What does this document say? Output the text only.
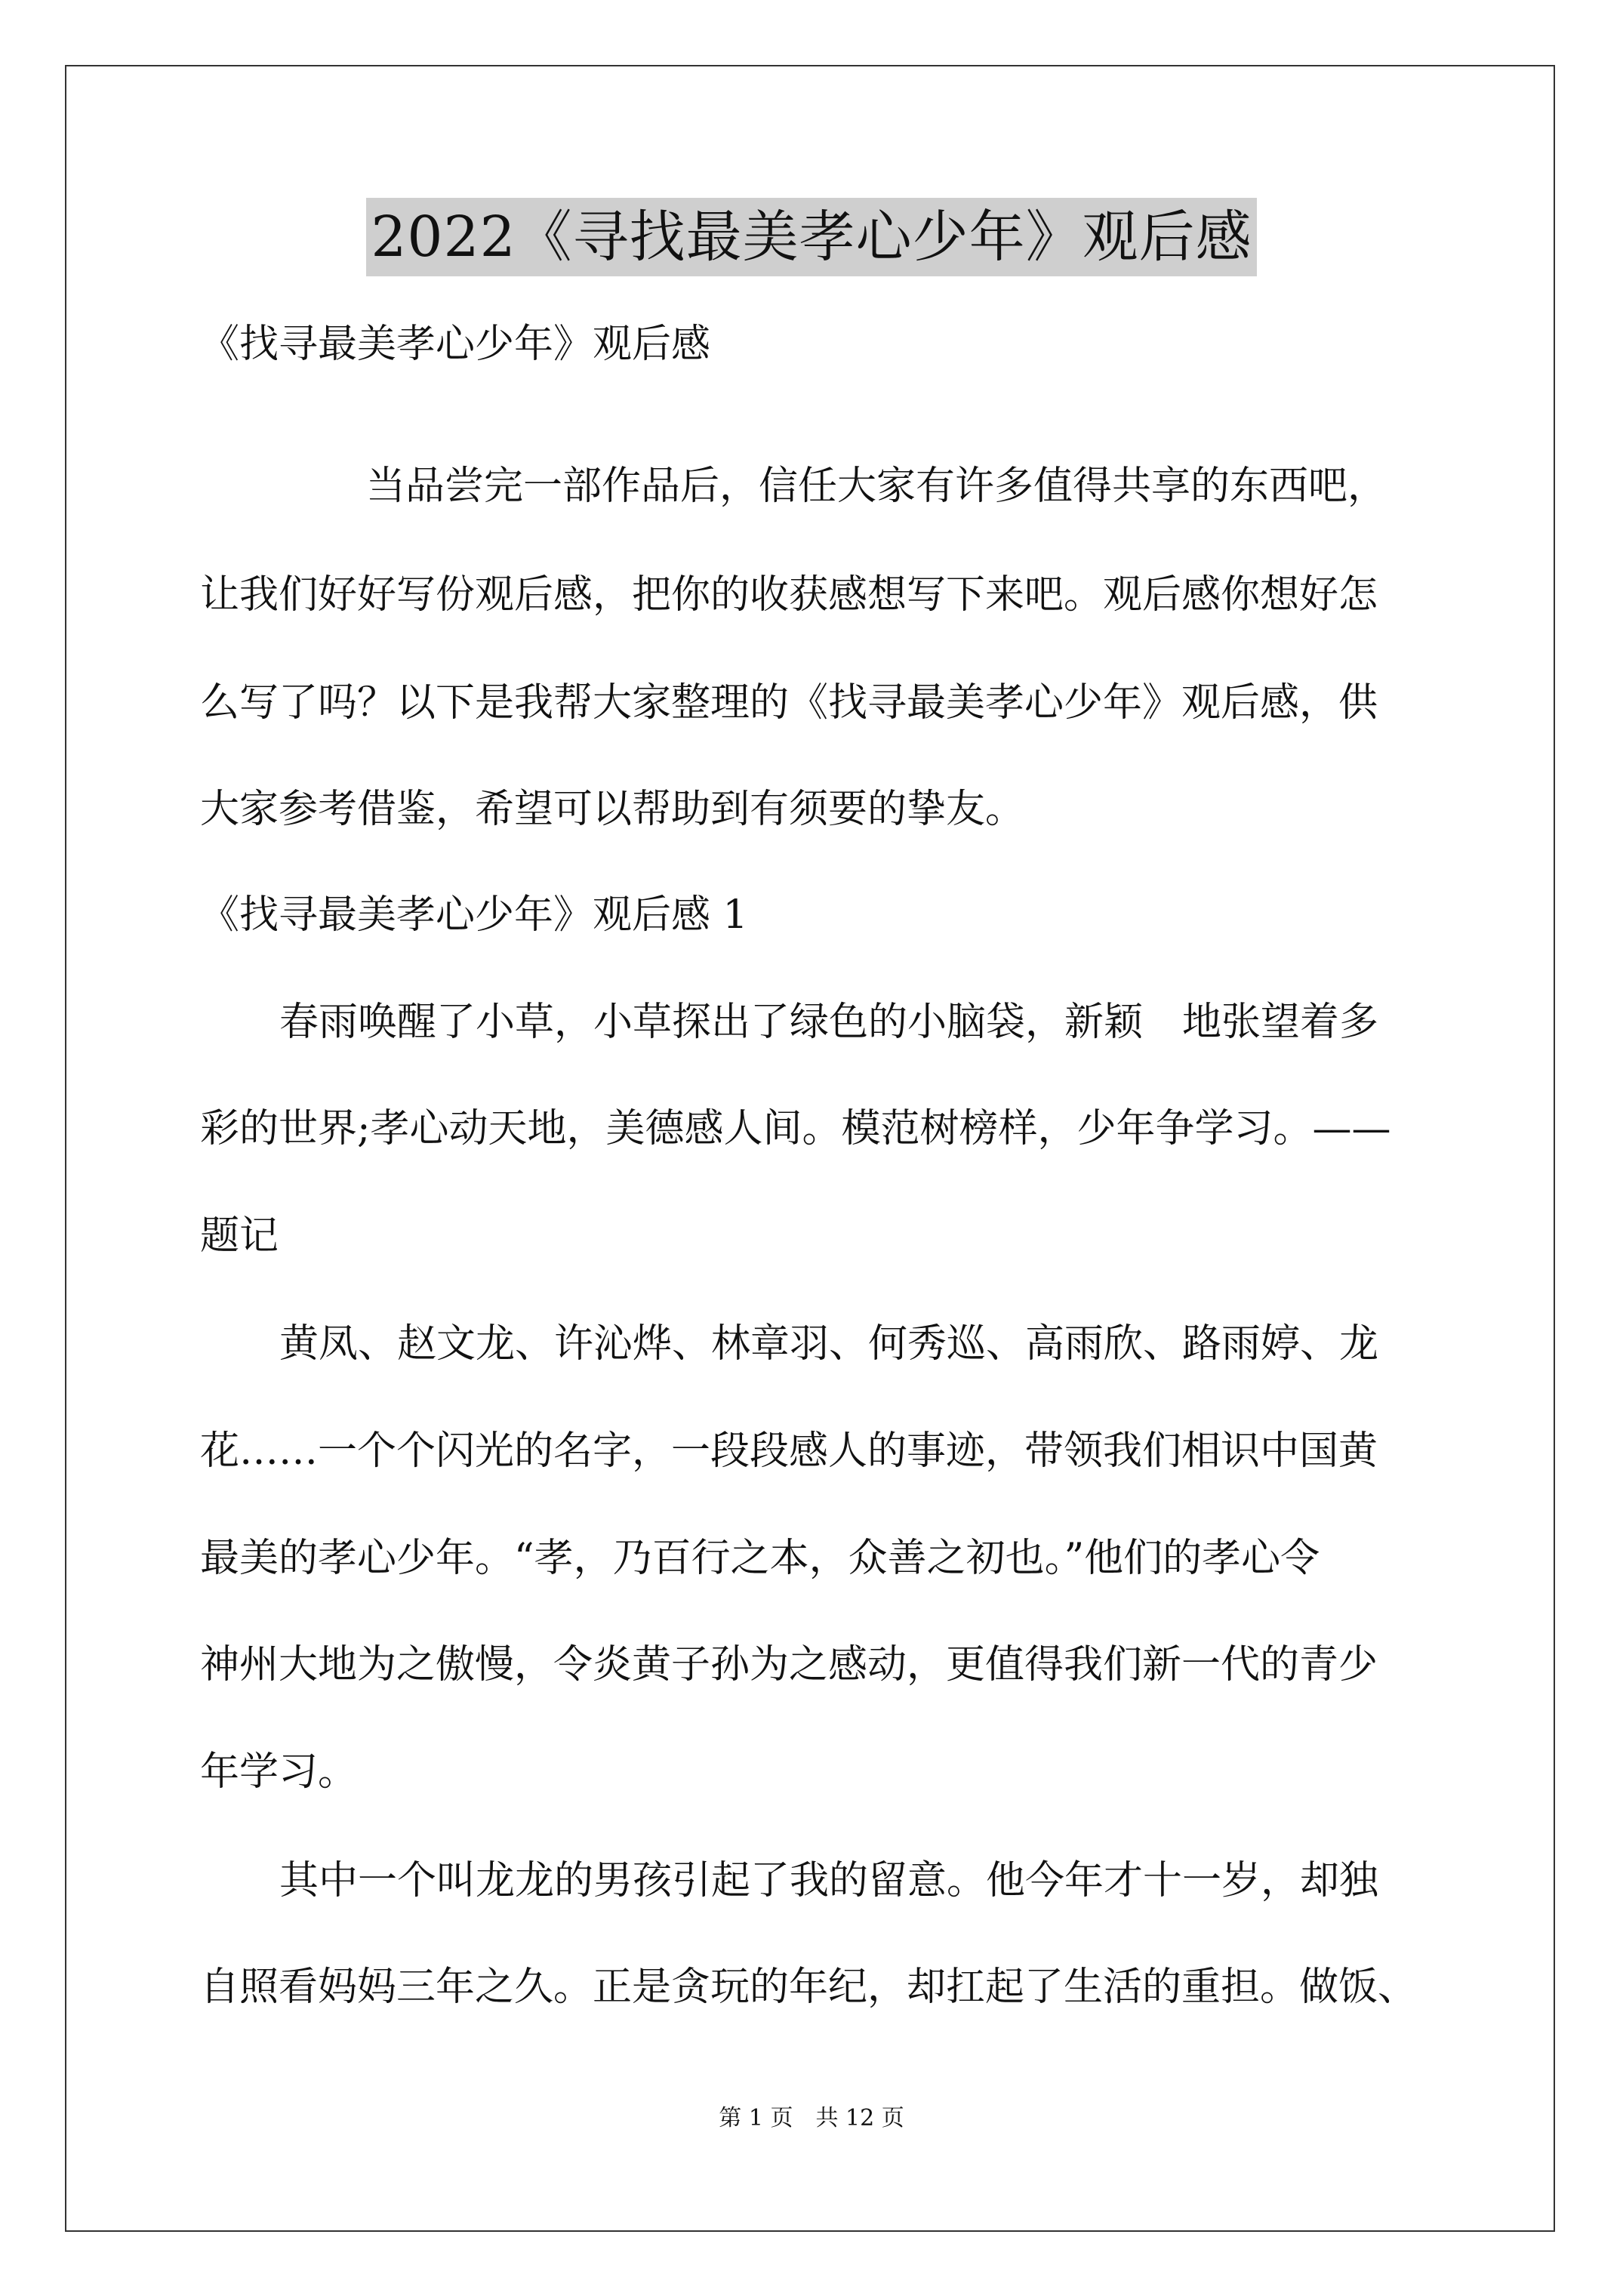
2022《寻找最美孝心少年》观后感
《找寻最美孝心少年》观后感
当品尝完一部作品后，信任大家有许多值得共享的东西吧，
让我们好好写份观后感，把你的收获感想写下来吧。观后感你想好怎
么写了吗？以下是我帮大家整理的《找寻最美孝心少年》观后感，供
大家参考借鉴，希望可以帮助到有须要的挚友。
《找寻最美孝心少年》观后感 1
春雨唤醒了小草，小草探出了绿色的小脑袋，新颖　地张望着多
彩的世界;孝心动天地，美德感人间。模范树榜样，少年争学习。——
题记
黄凤、赵文龙、许沁烨、林章羽、何秀巡、高雨欣、路雨婷、龙
花……一个个闪光的名字，一段段感人的事迹，带领我们相识中国黄
最美的孝心少年。“孝，乃百行之本，众善之初也。”他们的孝心令
神州大地为之傲慢，令炎黄子孙为之感动，更值得我们新一代的青少
年学习。
其中一个叫龙龙的男孩引起了我的留意。他今年才十一岁，却独
自照看妈妈三年之久。正是贪玩的年纪，却扛起了生活的重担。做饭、
第 1 页　共 12 页
